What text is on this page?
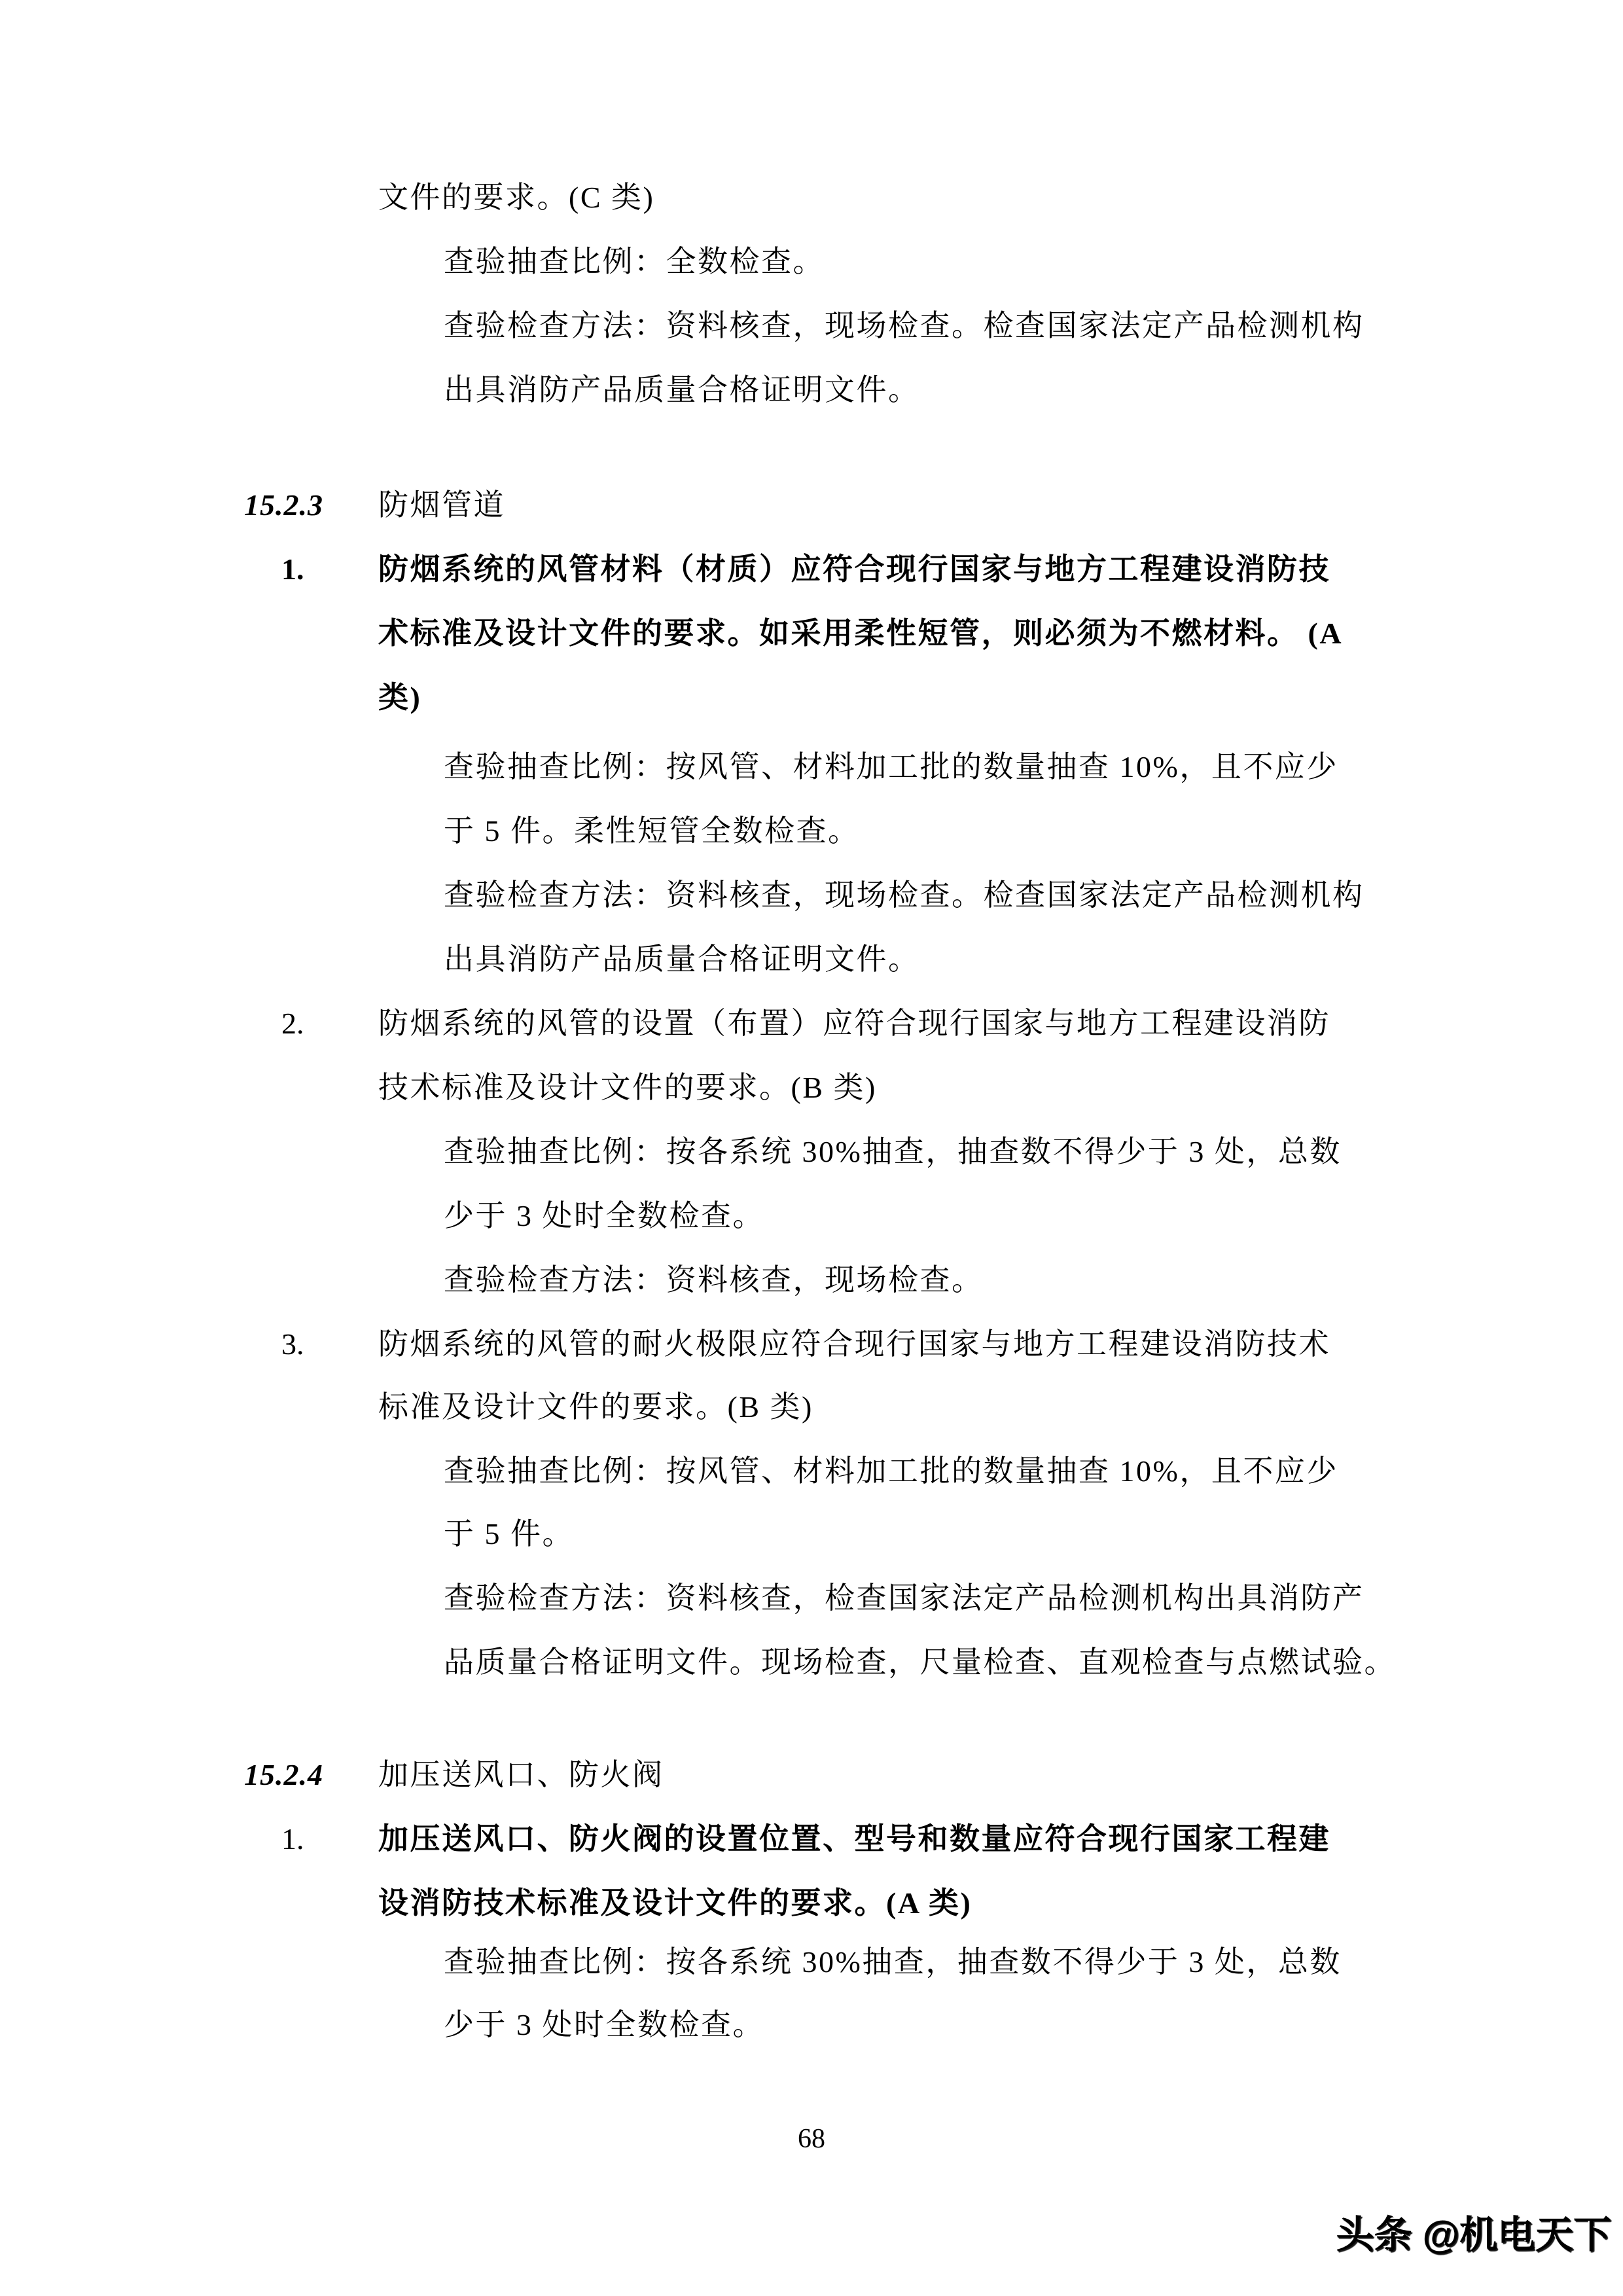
文件的要求。(C 类)
查验抽查比例：全数检查。
查验检查方法：资料核查，现场检查。检查国家法定产品检测机构
出具消防产品质量合格证明文件。
15.2.3 防烟管道
1. 防烟系统的风管材料（材质）应符合现行国家与地方工程建设消防技
术标准及设计文件的要求。如采用柔性短管，则必须为不燃材料。 (A
类)
查验抽查比例：按风管、材料加工批的数量抽查 10%，且不应少
于 5 件。柔性短管全数检查。
查验检查方法：资料核查，现场检查。检查国家法定产品检测机构
出具消防产品质量合格证明文件。
2. 防烟系统的风管的设置（布置）应符合现行国家与地方工程建设消防
技术标准及设计文件的要求。(B 类)
查验抽查比例：按各系统 30%抽查，抽查数不得少于 3 处，总数
少于 3 处时全数检查。
查验检查方法：资料核查，现场检查。
3. 防烟系统的风管的耐火极限应符合现行国家与地方工程建设消防技术
标准及设计文件的要求。(B 类)
查验抽查比例：按风管、材料加工批的数量抽查 10%，且不应少
于 5 件。
查验检查方法：资料核查，检查国家法定产品检测机构出具消防产
品质量合格证明文件。现场检查，尺量检查、直观检查与点燃试验。
15.2.4 加压送风口、防火阀
1. 加压送风口、防火阀的设置位置、型号和数量应符合现行国家工程建
设消防技术标准及设计文件的要求。(A 类)
查验抽查比例：按各系统 30%抽查，抽查数不得少于 3 处，总数
少于 3 处时全数检查。
68
头条 @机电天下
